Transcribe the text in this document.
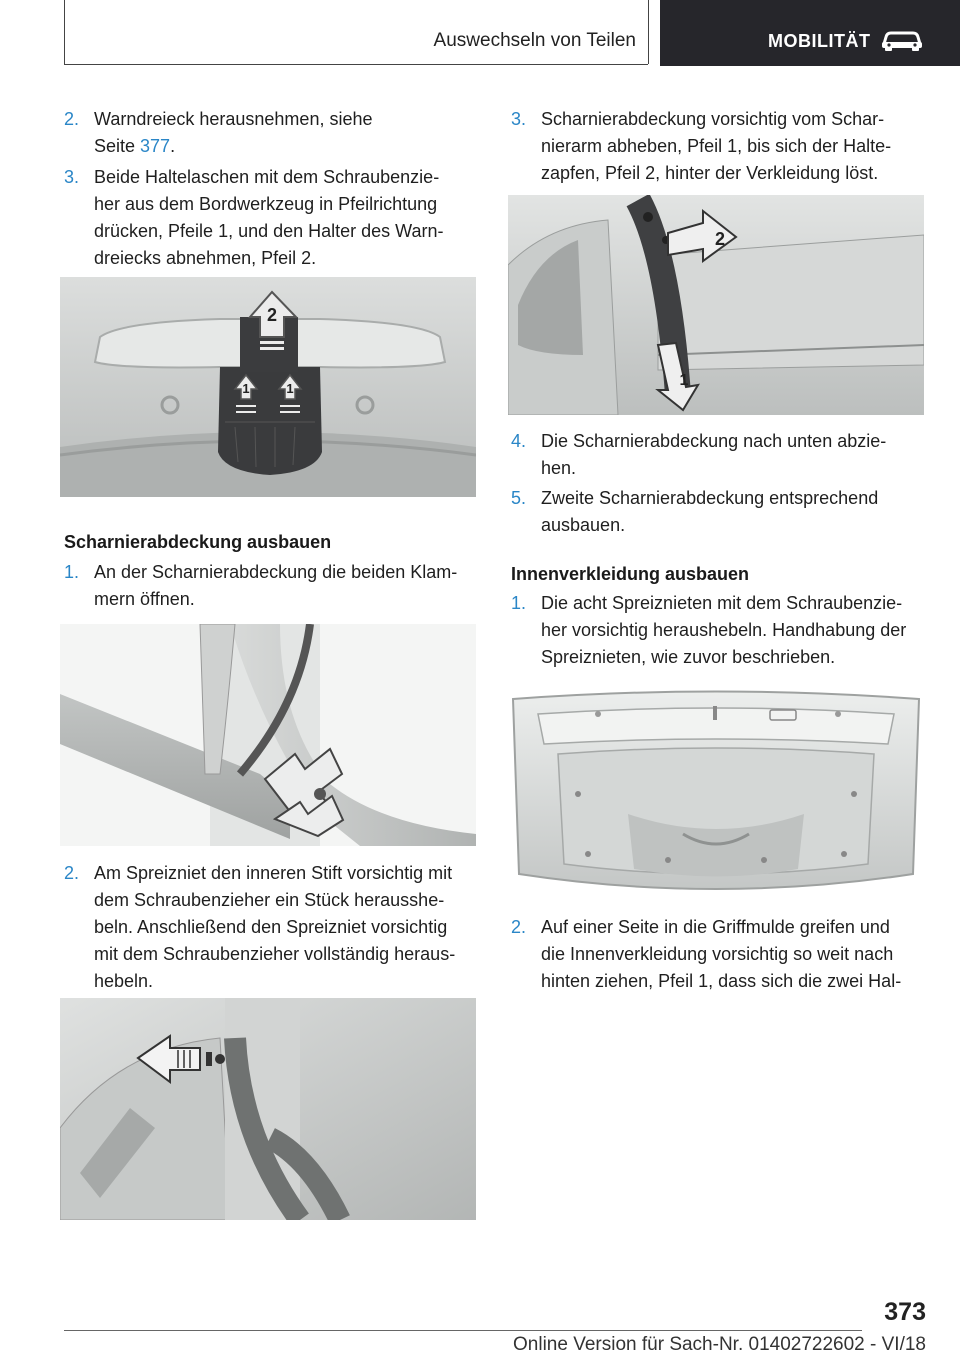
Auswechseln von Teilen	MOBILITÄT
2. Warndreieck herausnehmen, siehe
Seite 377.
3. Beide Haltelaschen mit dem Schraubenzie-
her aus dem Bordwerkzeug in Pfeilrichtung
drücken, Pfeile 1, und den Halter des Warn-
dreiecks abnehmen, Pfeil 2.
2
1	1
Scharnierabdeckung ausbauen
1. An der Scharnierabdeckung die beiden Klam-
mern öffnen.
2. Am Spreizniet den inneren Stift vorsichtig mit
dem Schraubenzieher ein Stück herausshe-
beln. Anschließend den Spreizniet vorsichtig
mit dem Schraubenzieher vollständig heraus-
hebeln.
3. Scharnierabdeckung vorsichtig vom Schar-
nierarm abheben, Pfeil 1, bis sich der Halte-
zapfen, Pfeil 2, hinter der Verkleidung löst.
2
1
4. Die Scharnierabdeckung nach unten abzie-
hen.
5. Zweite Scharnierabdeckung entsprechend
ausbauen.
Innenverkleidung ausbauen
1. Die acht Spreiznieten mit dem Schraubenzie-
her vorsichtig heraushebeln. Handhabung der
Spreiznieten, wie zuvor beschrieben.
2. Auf einer Seite in die Griffmulde greifen und
die Innenverkleidung vorsichtig so weit nach
hinten ziehen, Pfeil 1, dass sich die zwei Hal-
373
Online Version für Sach-Nr. 01402722602 - VI/18
